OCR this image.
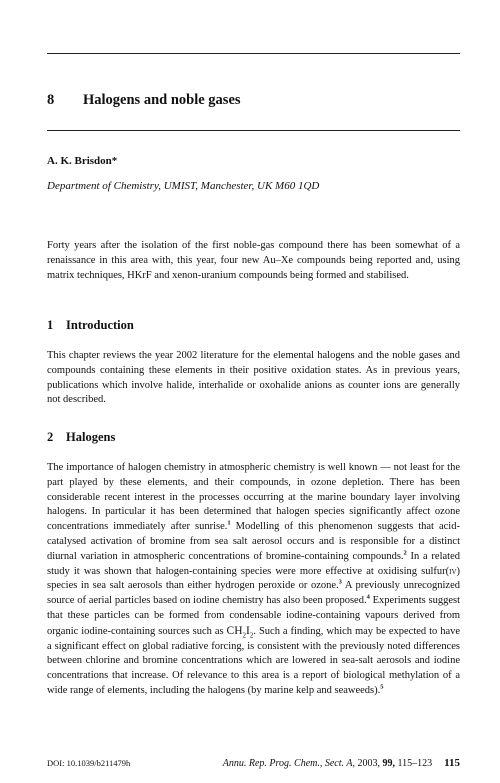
8 Halogens and noble gases
A. K. Brisdon*
Department of Chemistry, UMIST, Manchester, UK M60 1QD

Forty years after the isolation of the first noble-gas compound there has been somewhat of a renaissance in this area with, this year, four new Au–Xe compounds being reported and, using matrix techniques, HKrF and xenon-uranium compounds being formed and stabilised.

1 Introduction

This chapter reviews the year 2002 literature for the elemental halogens and the noble gases and compounds containing these elements in their positive oxidation states. As in previous years, publications which involve halide, interhalide or oxohalide anions as counter ions are generally not described.

2 Halogens

The importance of halogen chemistry in atmospheric chemistry is well known — not least for the part played by these elements, and their compounds, in ozone depletion. There has been considerable recent interest in the processes occurring at the marine boundary layer involving halogens. In particular it has been determined that halogen species significantly affect ozone concentrations immediately after sunrise.$^1$ Modelling of this phenomenon suggests that acid-catalysed activation of bromine from sea salt aerosol occurs and is responsible for a distinct diurnal variation in atmospheric concentrations of bromine-containing compounds.$^2$ In a related study it was shown that halogen-containing species were more effective at oxidising sulfur(iv) species in sea salt aerosols than either hydrogen peroxide or ozone.$^3$ A previously unrecognized source of aerial particles based on iodine chemistry has also been proposed.$^4$ Experiments suggest that these particles can be formed from condensable iodine-containing vapours derived from organic iodine-containing sources such as $CH_2I_2$. Such a finding, which may be expected to have a significant effect on global radiative forcing, is consistent with the previously noted differences between chlorine and bromine concentrations which are lowered in sea-salt aerosols and iodine concentrations that increase. Of relevance to this area is a report of biological methylation of a wide range of elements, including the halogens (by marine kelp and seaweeds).$^5$

DOI: 10.1039/b211479h	Annu. Rep. Prog. Chem., Sect. A, 2003, 99, 115–123 115
